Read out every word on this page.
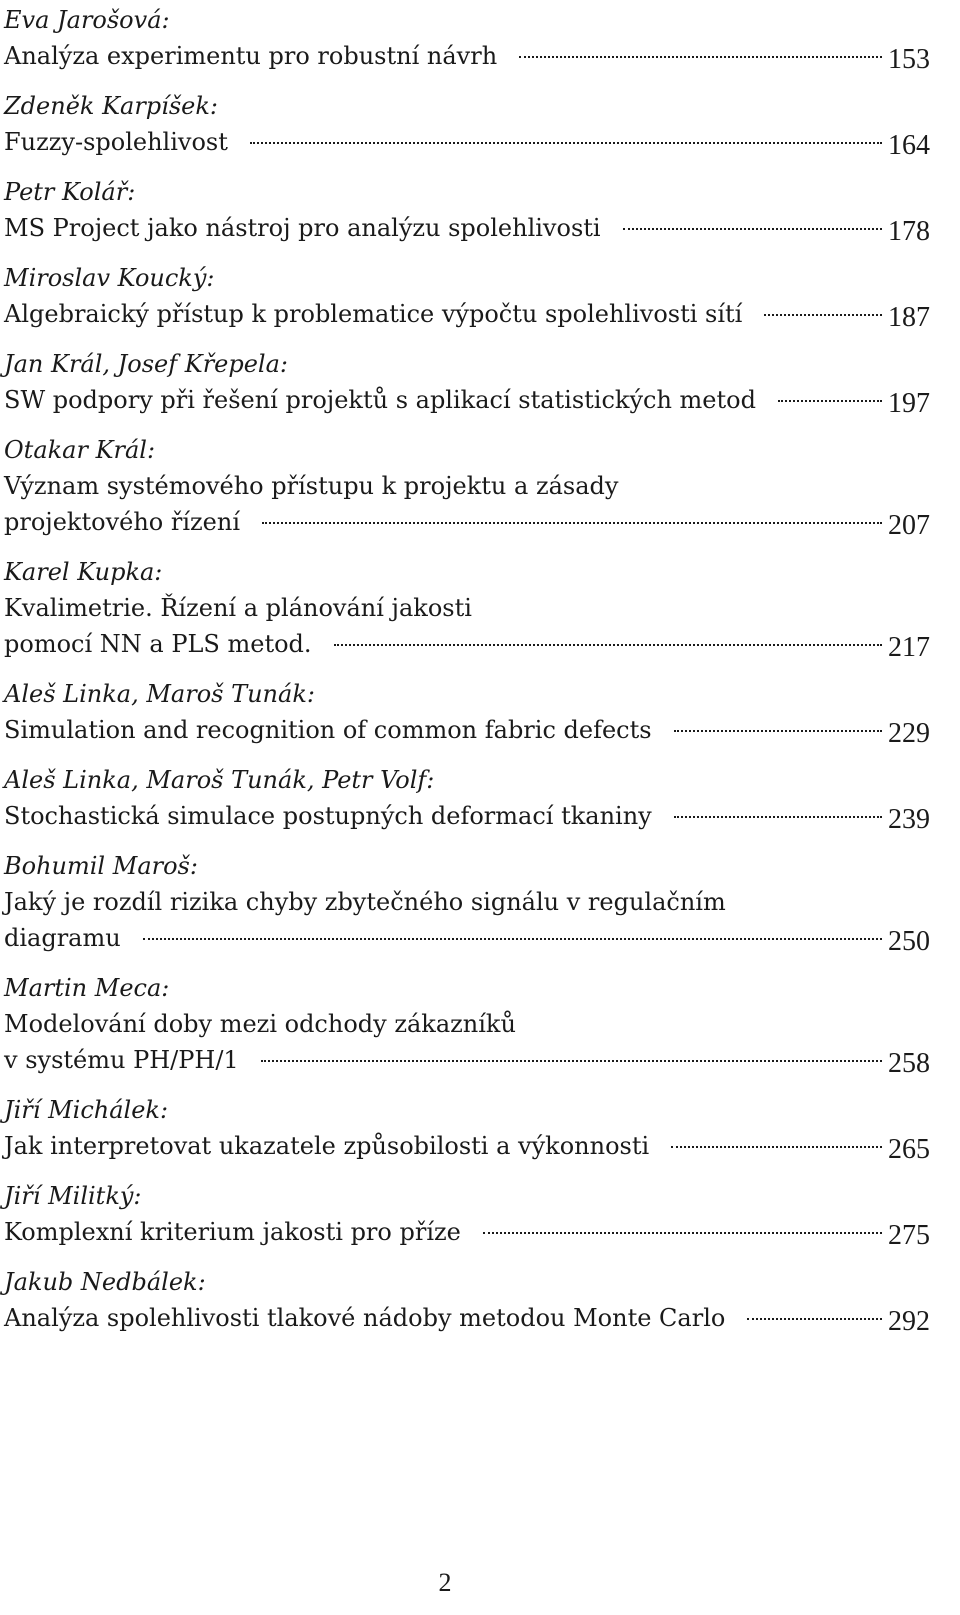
Eva Jarošová:
Analýza experimentu pro robustní návrh	153
Zdeněk Karpíšek:
Fuzzy-spolehlivost	164
Petr Kolář:
MS Project jako nástroj pro analýzu spolehlivosti	178
Miroslav Koucký:
Algebraický přístup k problematice výpočtu spolehlivosti sítí	187
Jan Král, Josef Křepela:
SW podpory při řešení projektů s aplikací statistických metod	197
Otakar Král:
Význam systémového přístupu k projektu a zásady
projektového řízení	207
Karel Kupka:
Kvalimetrie. Řízení a plánování jakosti
pomocí NN a PLS metod.	217
Aleš Linka, Maroš Tunák:
Simulation and recognition of common fabric defects	229
Aleš Linka, Maroš Tunák, Petr Volf:
Stochastická simulace postupných deformací tkaniny	239
Bohumil Maroš:
Jaký je rozdíl rizika chyby zbytečného signálu v regulačním
diagramu	250
Martin Meca:
Modelování doby mezi odchody zákazníků
v systému PH/PH/1	258
Jiří Michálek:
Jak interpretovat ukazatele způsobilosti a výkonnosti	265
Jiří Militký:
Komplexní kriterium jakosti pro příze	275
Jakub Nedbálek:
Analýza spolehlivosti tlakové nádoby metodou Monte Carlo	292
2
